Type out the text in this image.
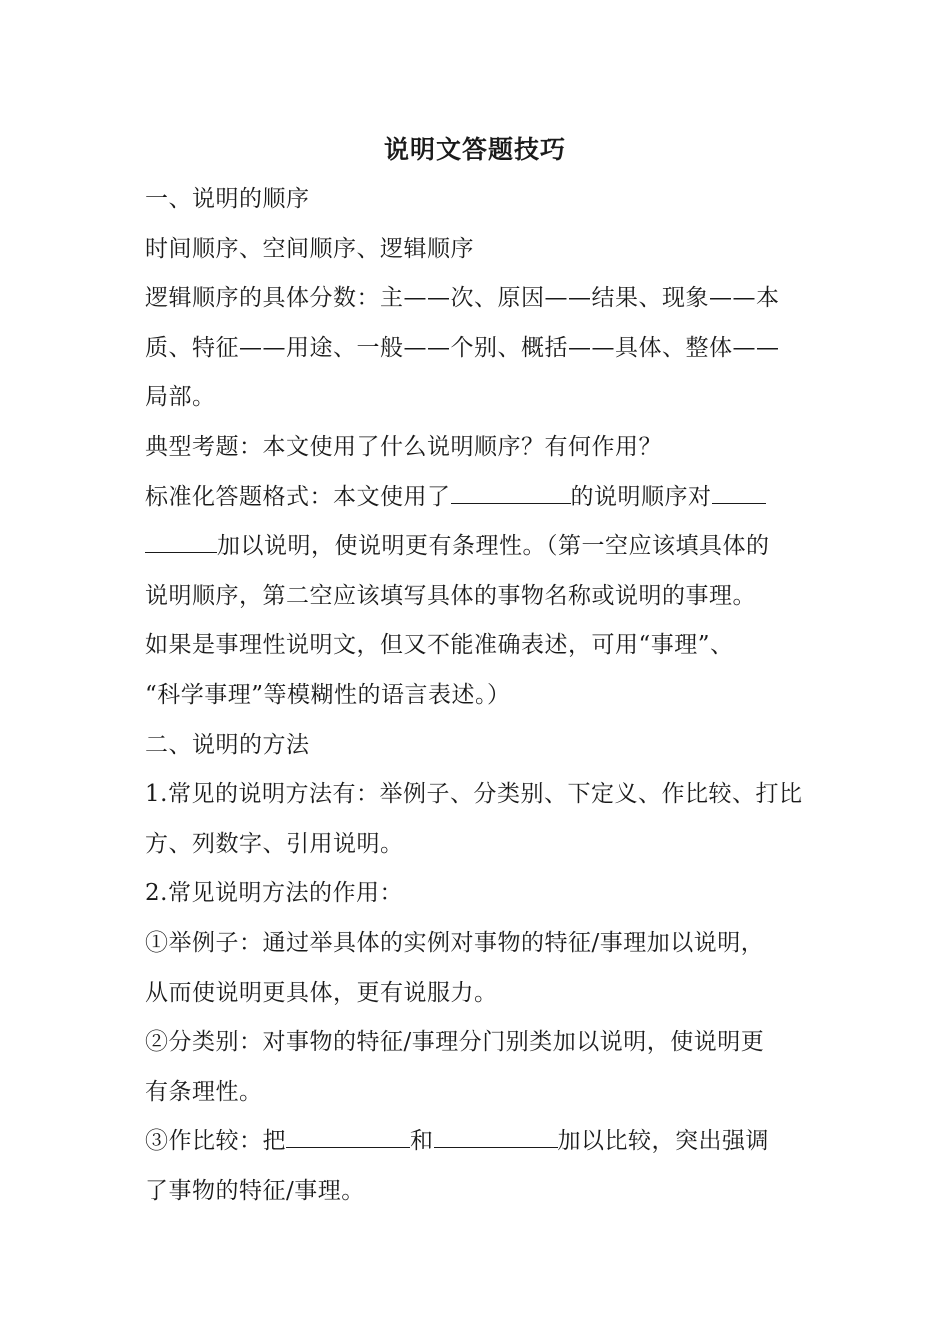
说明文答题技巧
一、说明的顺序
时间顺序、空间顺序、逻辑顺序
逻辑顺序的具体分数：主——次、原因——结果、现象——本
质、特征——用途、一般——个别、概括——具体、整体——
局部。
典型考题：本文使用了什么说明顺序？有何作用？
标准化答题格式：本文使用了	的说明顺序对
加以说明，使说明更有条理性。（第一空应该填具体的
说明顺序，第二空应该填写具体的事物名称或说明的事理。
如果是事理性说明文，但又不能准确表述，可用“事理”、
“科学事理”等模糊性的语言表述。）
二、说明的方法
1.常见的说明方法有：举例子、分类别、下定义、作比较、打比
方、列数字、引用说明。
2.常见说明方法的作用：
①举例子：通过举具体的实例对事物的特征/事理加以说明，
从而使说明更具体，更有说服力。
②分类别：对事物的特征/事理分门别类加以说明，使说明更
有条理性。
③作比较：把	和	加以比较，突出强调
了事物的特征/事理。
